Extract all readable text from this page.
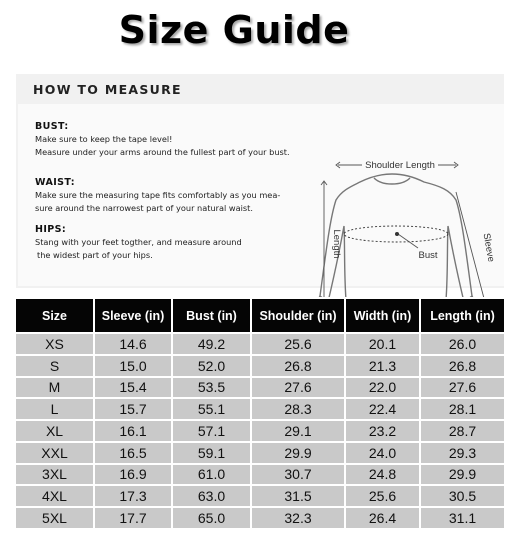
Size Guide
HOW TO MEASURE

BUST:

Make sure to keep the tape level!

Measure under your arms around the fullest part of your bust.

WAIST:

Make sure the measuring tape fits comfortably as you mea-

sure around the narrowest part of your natural waist.

HIPS:

Stang with your feet togther, and measure around

the widest part of your hips.

Shoulder Length
Length	Sleeve
Bust
Size	Sleeve (in)	Bust (in)	Shoulder (in)	Width (in)	Length (in)
XS	14.6	49.2	25.6	20.1	26.0
S	15.0	52.0	26.8	21.3	26.8
M	15.4	53.5	27.6	22.0	27.6
L	15.7	55.1	28.3	22.4	28.1
XL	16.1	57.1	29.1	23.2	28.7
XXL	16.5	59.1	29.9	24.0	29.3
3XL	16.9	61.0	30.7	24.8	29.9
4XL	17.3	63.0	31.5	25.6	30.5
5XL	17.7	65.0	32.3	26.4	31.1
